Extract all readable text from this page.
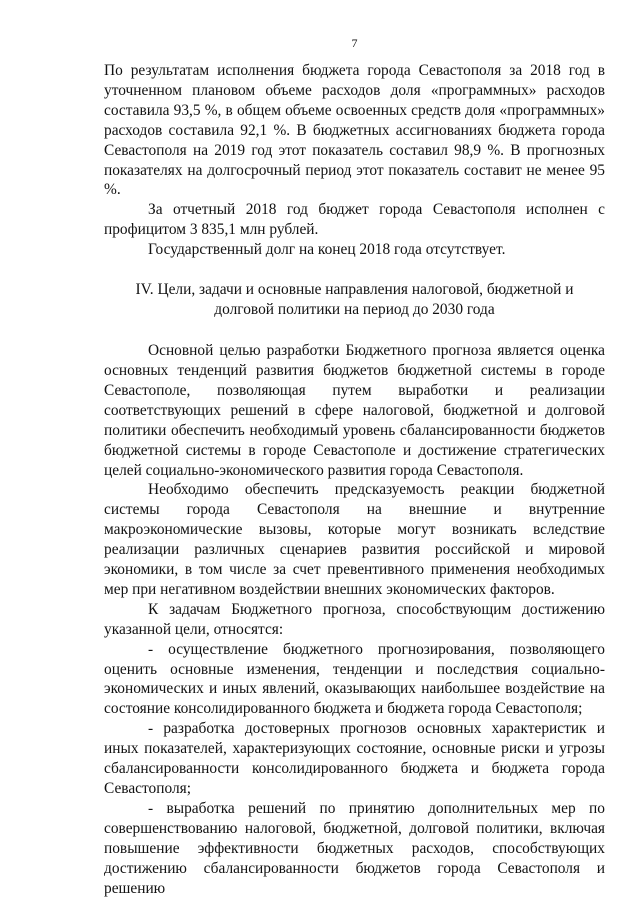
7

По результатам исполнения бюджета города Севастополя за 2018 год в уточненном плановом объеме расходов доля «программных» расходов составила 93,5 %, в общем объеме освоенных средств доля «программных» расходов составила 92,1 %. В бюджетных ассигнованиях бюджета города Севастополя на 2019 год этот показатель составил 98,9 %. В прогнозных показателях на долгосрочный период этот показатель составит не менее 95 %.

За отчетный 2018 год бюджет города Севастополя исполнен с профицитом 3 835,1 млн рублей.

Государственный долг на конец 2018 года отсутствует.

IV. Цели, задачи и основные направления налоговой, бюджетной и долговой политики на период до 2030 года

Основной целью разработки Бюджетного прогноза является оценка основных тенденций развития бюджетов бюджетной системы в городе Севастополе, позволяющая путем выработки и реализации соответствующих решений в сфере налоговой, бюджетной и долговой политики обеспечить необходимый уровень сбалансированности бюджетов бюджетной системы в городе Севастополе и достижение стратегических целей социально-экономического развития города Севастополя.

Необходимо обеспечить предсказуемость реакции бюджетной системы города Севастополя на внешние и внутренние макроэкономические вызовы, которые могут возникать вследствие реализации различных сценариев развития российской и мировой экономики, в том числе за счет превентивного применения необходимых мер при негативном воздействии внешних экономических факторов.

К задачам Бюджетного прогноза, способствующим достижению указанной цели, относятся:

- осуществление бюджетного прогнозирования, позволяющего оценить основные изменения, тенденции и последствия социально-экономических и иных явлений, оказывающих наибольшее воздействие на состояние консолидированного бюджета и бюджета города Севастополя;

- разработка достоверных прогнозов основных характеристик и иных показателей, характеризующих состояние, основные риски и угрозы сбалансированности консолидированного бюджета и бюджета города Севастополя;

- выработка решений по принятию дополнительных мер по совершенствованию налоговой, бюджетной, долговой политики, включая повышение эффективности бюджетных расходов, способствующих достижению сбалансированности бюджетов города Севастополя и решению
